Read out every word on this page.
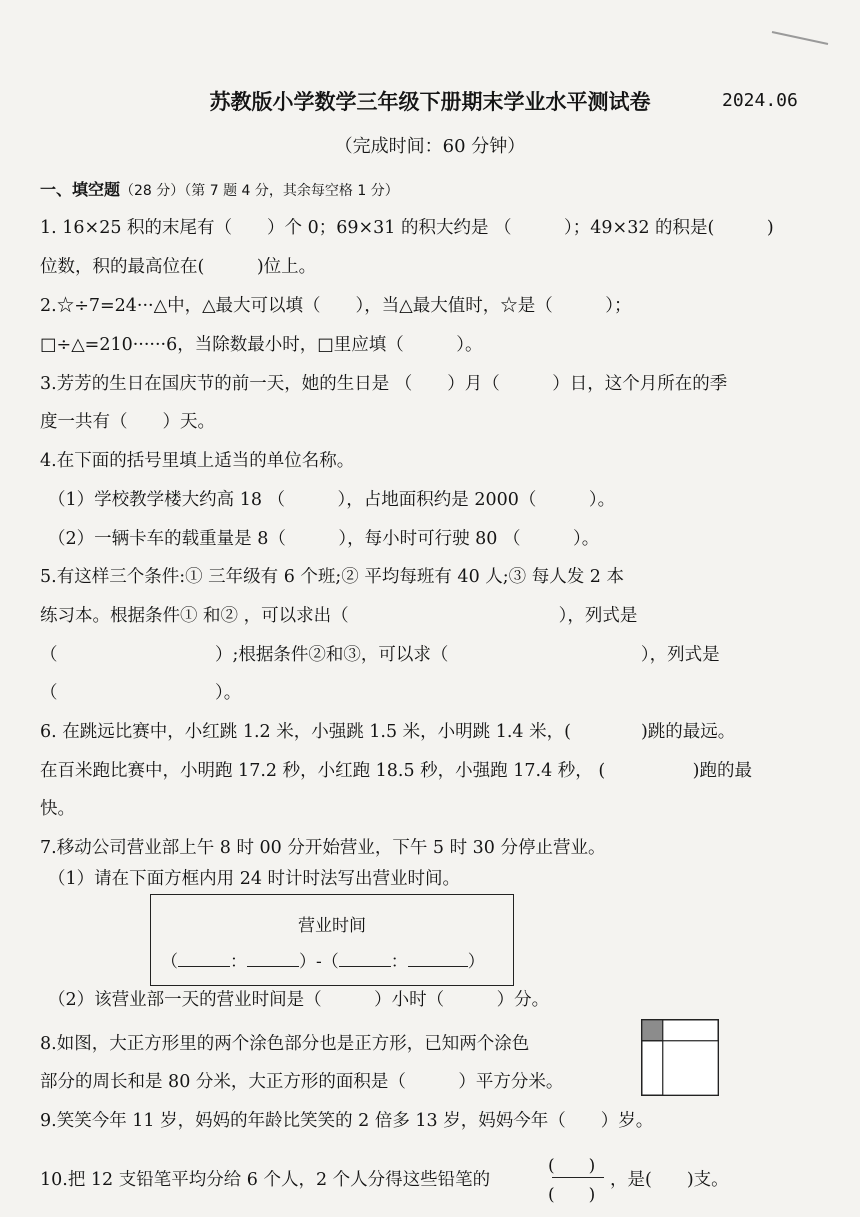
苏教版小学数学三年级下册期末学业水平测试卷	2024.06
（完成时间：60 分钟）
一、填空题（28 分）（第 7 题 4 分，其余每空格 1 分）
1. 16×25 积的末尾有（　　）个 0；69×31 的积大约是 （　　　）；49×32 的积是(　　　)
位数，积的最高位在(　　　)位上。
2.☆÷7=24···△中，△最大可以填（　　），当△最大值时，☆是（　　　）；
□÷△=210······6，当除数最小时，□里应填（　　　）。
3.芳芳的生日在国庆节的前一天，她的生日是 （　　）月（　　　）日，这个月所在的季
度一共有（　　）天。
4.在下面的括号里填上适当的单位名称。
（1）学校教学楼大约高 18 （　　　），占地面积约是 2000（　　　）。
（2）一辆卡车的载重量是 8（　　　），每小时可行驶 80 （　　　）。
5.有这样三个条件:① 三年级有 6 个班;② 平均每班有 40 人;③ 每人发 2 本
练习本。根据条件① 和② ，可以求出（　　　　　　　　　　　　），列式是
（　　　　　　　　　）;根据条件②和③，可以求（　　　　　　　　　　　），列式是
（　　　　　　　　　）。
6. 在跳远比赛中，小红跳 1.2 米，小强跳 1.5 米，小明跳 1.4 米，(　　　　)跳的最远。
在百米跑比赛中，小明跑 17.2 秒，小红跑 18.5 秒，小强跑 17.4 秒， (　　　　　)跑的最
快。
7.移动公司营业部上午 8 时 00 分开始营业，下午 5 时 30 分停止营业。
（1）请在下面方框内用 24 时计时法写出营业时间。
营业时间
（	：	）-（	：	）
（2）该营业部一天的营业时间是（　　　）小时（　　　）分。
8.如图，大正方形里的两个涂色部分也是正方形，已知两个涂色
部分的周长和是 80 分米，大正方形的面积是（　　　）平方分米。
9.笑笑今年 11 岁，妈妈的年龄比笑笑的 2 倍多 13 岁，妈妈今年（　　）岁。
10.把 12 支铅笔平均分给 6 个人，2 个人分得这些铅笔的
(　　)
(　　)
，是(　　)支。
